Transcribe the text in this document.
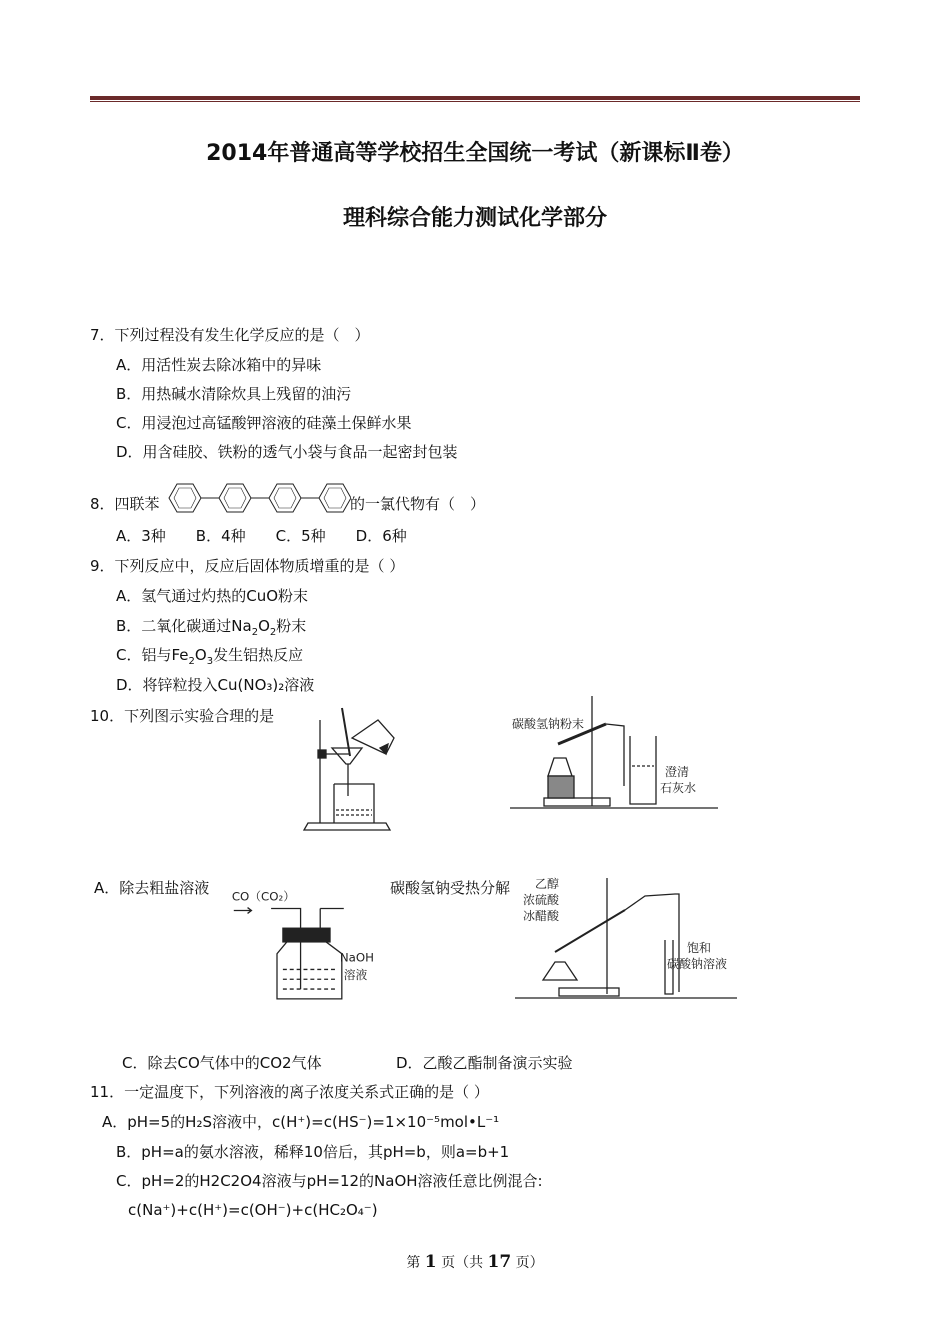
2014年普通高等学校招生全国统一考试（新课标Ⅱ卷）
理科综合能力测试化学部分
7．下列过程没有发生化学反应的是（　）
A．用活性炭去除冰箱中的异味
B．用热碱水清除炊具上残留的油污
C．用浸泡过高锰酸钾溶液的硅藻土保鲜水果
D．用含硅胶、铁粉的透气小袋与食品一起密封包装
8．四联苯	的一氯代物有（　）
A．3种　　B．4种　　C．5种　　D．6种
9．下列反应中，反应后固体物质增重的是（ ）
A．氢气通过灼热的CuO粉末
B．二氧化碳通过$Na_2O_2$粉末
C．铝与$Fe_2O_3$发生铝热反应
D．将锌粒投入Cu(NO₃)₂溶液
10．下列图示实验合理的是
A．除去粗盐溶液	碳酸氢钠受热分解
碳酸氢钠粉末
澄清
石灰水
CO（CO₂）
NaOH
溶液
乙醇
浓硫酸
冰醋酸
饱和
碳酸钠溶液
C．除去CO气体中的CO2气体	D．乙酸乙酯制备演示实验
11．一定温度下，下列溶液的离子浓度关系式正确的是（ ）
A．pH=5的H₂S溶液中，c(H⁺)=c(HS⁻)=1×10⁻⁵mol•L⁻¹
B．pH=a的氨水溶液，稀释10倍后，其pH=b，则a=b+1
C．pH=2的H2C2O4溶液与pH=12的NaOH溶液任意比例混合:
c(Na⁺)+c(H⁺)=c(OH⁻)+c(HC₂O₄⁻)
第 1 页（共 17 页）
